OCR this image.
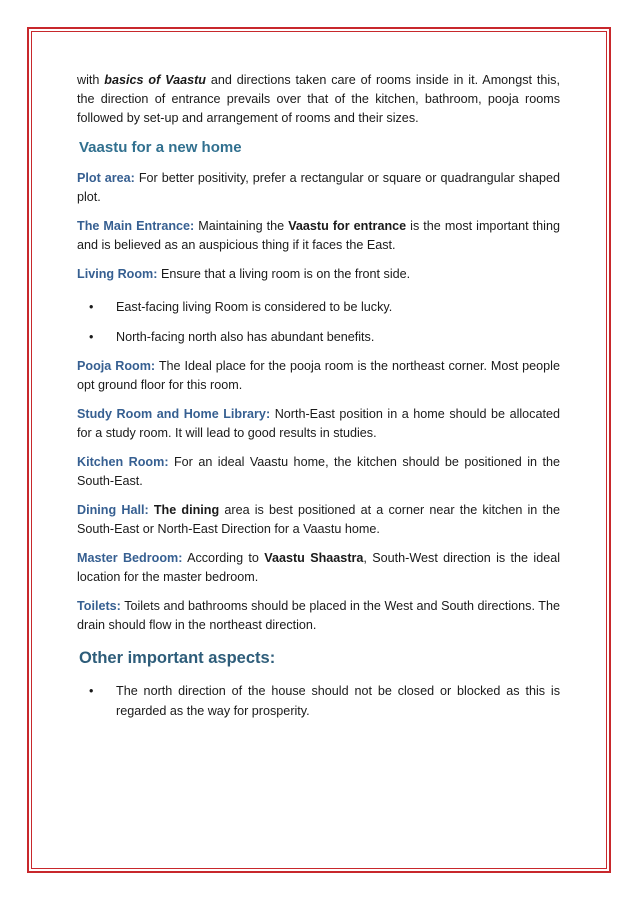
with basics of Vaastu and directions taken care of rooms inside in it. Amongst this, the direction of entrance prevails over that of the kitchen, bathroom, pooja rooms followed by set-up and arrangement of rooms and their sizes.

Vaastu for a new home

Plot area: For better positivity, prefer a rectangular or square or quadrangular shaped plot.

The Main Entrance: Maintaining the Vaastu for entrance is the most important thing and is believed as an auspicious thing if it faces the East.

Living Room: Ensure that a living room is on the front side.

• East-facing living Room is considered to be lucky.
• North-facing north also has abundant benefits.

Pooja Room: The Ideal place for the pooja room is the northeast corner. Most people opt ground floor for this room.

Study Room and Home Library: North-East position in a home should be allocated for a study room. It will lead to good results in studies.

Kitchen Room: For an ideal Vaastu home, the kitchen should be positioned in the South-East.

Dining Hall: The dining area is best positioned at a corner near the kitchen in the South-East or North-East Direction for a Vaastu home.

Master Bedroom: According to Vaastu Shaastra, South-West direction is the ideal location for the master bedroom.

Toilets: Toilets and bathrooms should be placed in the West and South directions. The drain should flow in the northeast direction.

Other important aspects:
• The north direction of the house should not be closed or blocked as this is regarded as the way for prosperity.
